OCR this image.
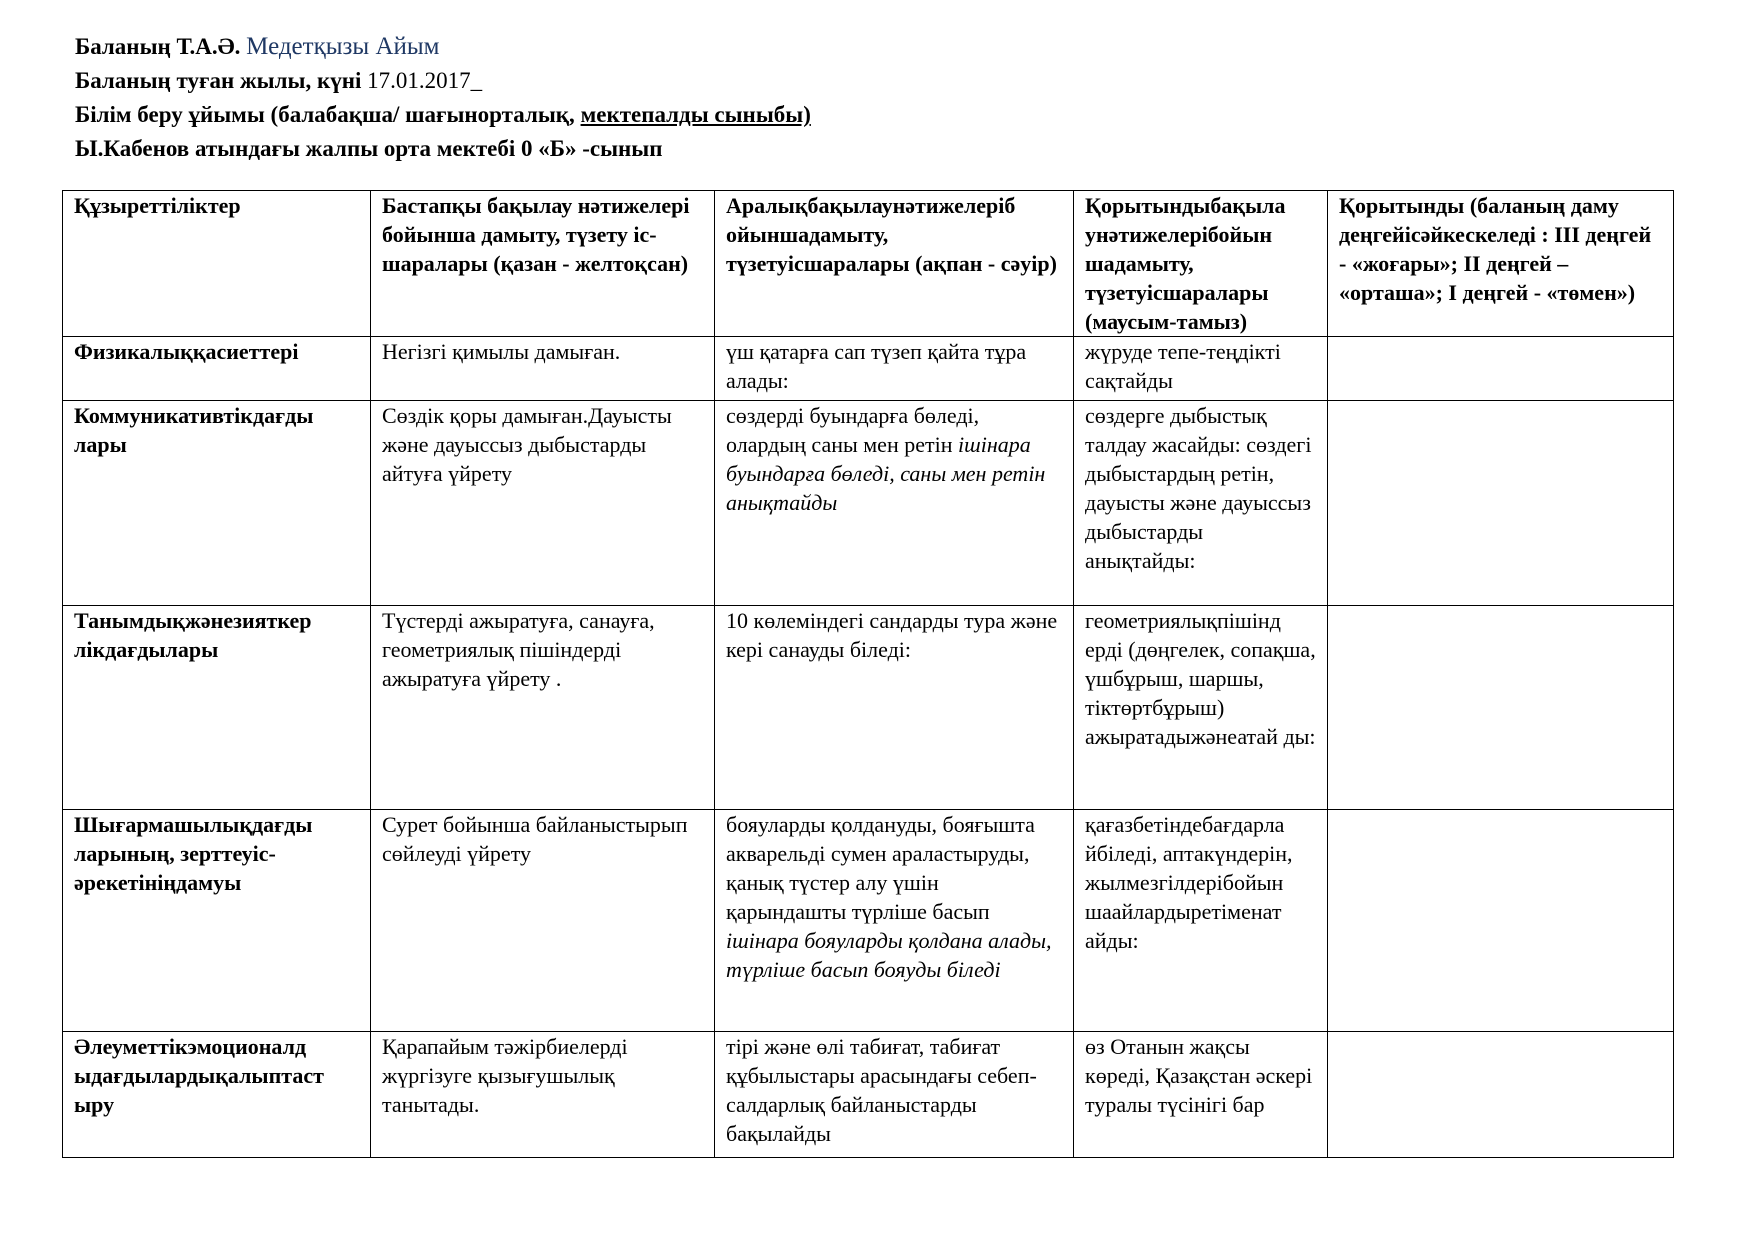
Баланың Т.А.Ә. Медетқызы Айым
Баланың туған жылы, күні 17.01.2017_
Білім беру ұйымы (балабақша/ шағынорталық, мектепалды сыныбы)
Ы.Кабенов атындағы жалпы орта мектебі 0 «Б» -сынып
Құзыреттіліктер	Бастапқы бақылау нәтижелері бойынша дамыту, түзету іс-шаралары (қазан - желтоқсан)	Аралықбақылаунәтижелеріб ойыншадамыту, түзетуісшаралары (ақпан - сәуір)	Қорытындыбақыла унәтижелерібойын шадамыту, түзетуісшаралары (маусым-тамыз)	Қорытынды (баланың даму деңгейісәйкескеледі : ІІІ деңгей - «жоғары»; ІІ деңгей – «орташа»; І деңгей - «төмен»)
Физикалыққасиеттері	Негізгі қимылы дамыған.	үш қатарға сап түзеп қайта тұра алады:	жүруде тепе-теңдікті сақтайды	
Коммуникативтікдағды лары	Сөздік қоры дамыған.Дауысты және дауыссыз дыбыстарды айтуға үйрету	сөздерді буындарға бөледі, олардың саны мен ретін ішінара буындарға бөледі, саны мен ретін анықтайды	сөздерге дыбыстық талдау жасайды: сөздегі дыбыстардың ретін, дауысты және дауыссыз дыбыстарды анықтайды:	
Танымдықжәнезияткер лікдағдылары	Түстерді ажыратуға, санауға, геометриялық пішіндерді ажыратуға үйрету .	10 көлеміндегі сандарды тура және кері санауды біледі:	геометриялықпішінд ерді (дөңгелек, сопақша, үшбұрыш, шаршы, тіктөртбұрыш) ажыратадыжәнеатай ды:	
Шығармашылықдағды ларының, зерттеуіс-әрекетініңдамуы	Сурет бойынша байланыстырып сөйлеуді үйрету	бояуларды қолдануды, бояғышта акварельді сумен араластыруды, қанық түстер алу үшін қарындашты түрліше басып ішінара бояуларды қолдана алады, түрліше басып бояуды біледі	қағазбетіндебағдарла йбіледі, аптакүндерін, жылмезгілдерібойын шаайлардыретіменат айды:	
Әлеуметтікэмоционалд ыдағдылардықалыптаст ыру	Қарапайым тәжірбиелерді жүргізуге қызығушылық танытады.	тірі және өлі табиғат, табиғат құбылыстары арасындағы себеп-салдарлық байланыстарды бақылайды	өз Отанын жақсы көреді, Қазақстан әскері туралы түсінігі бар	
